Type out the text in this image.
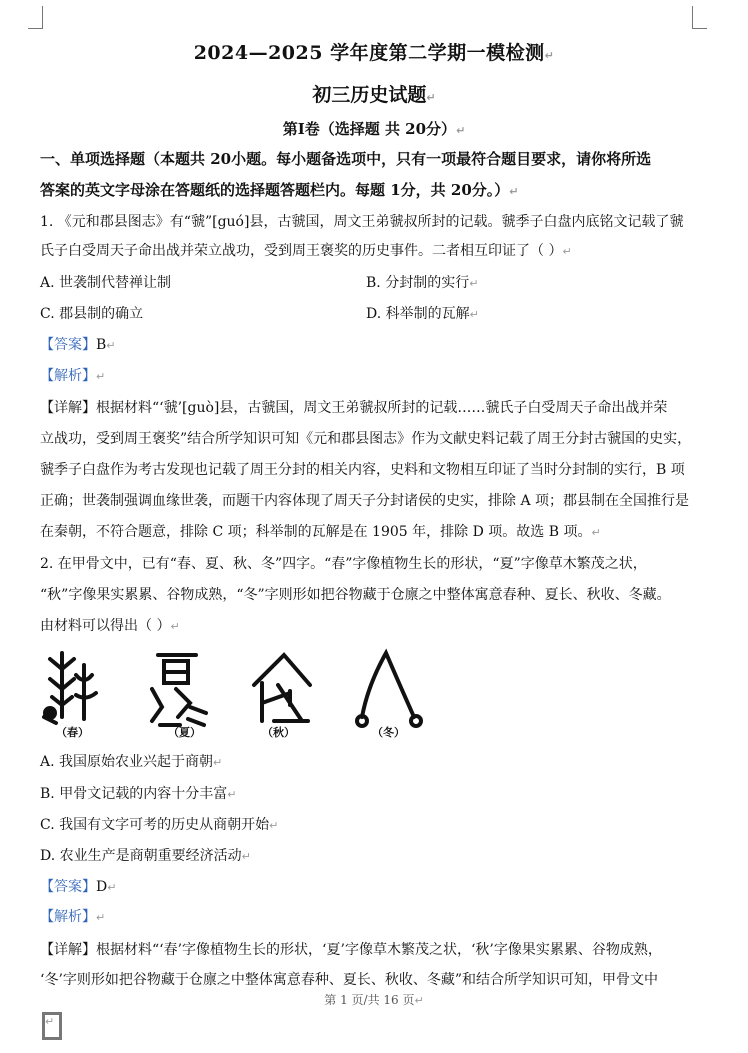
↵
2024—2025 学年度第二学期一模检测↵
初三历史试题↵
第Ⅰ卷（选择题 共 20分）↵
一、单项选择题（本题共 20小题。每小题备选项中，只有一项最符合题目要求，请你将所选
答案的英文字母涂在答题纸的选择题答题栏内。每题 1分，共 20分。）↵
1. 《元和郡县图志》有“虢”[guó]县，古虢国，周文王弟虢叔所封的记载。虢季子白盘内底铭文记载了虢
氏子白受周天子命出战并荣立战功，受到周王褒奖的历史事件。二者相互印证了（ ）↵
A. 世袭制代替禅让制	B. 分封制的实行↵
C. 郡县制的确立	D. 科举制的瓦解↵
【答案】B↵
【解析】↵
【详解】根据材料“‘虢’[guò]县，古虢国，周文王弟虢叔所封的记载……虢氏子白受周天子命出战并荣
立战功，受到周王褒奖”结合所学知识可知《元和郡县图志》作为文献史料记载了周王分封古虢国的史实，
虢季子白盘作为考古发现也记载了周王分封的相关内容，史料和文物相互印证了当时分封制的实行，B 项
正确；世袭制强调血缘世袭，而题干内容体现了周天子分封诸侯的史实，排除 A 项；郡县制在全国推行是
在秦朝，不符合题意，排除 C 项；科举制的瓦解是在 1905 年，排除 D 项。故选 B 项。↵
2. 在甲骨文中，已有“春、夏、秋、冬”四字。“春”字像植物生长的形状，“夏”字像草木繁茂之状，
“秋”字像果实累累、谷物成熟，“冬”字则形如把谷物藏于仓廪之中整体寓意春种、夏长、秋收、冬藏。
由材料可以得出（ ）↵
（春）	（夏）	（秋）	（冬）
A. 我国原始农业兴起于商朝↵
B. 甲骨文记载的内容十分丰富↵
C. 我国有文字可考的历史从商朝开始↵
D. 农业生产是商朝重要经济活动↵
【答案】D↵
【解析】↵
【详解】根据材料“‘春’字像植物生长的形状，‘夏’字像草木繁茂之状，‘秋’字像果实累累、谷物成熟，
‘冬’字则形如把谷物藏于仓廪之中整体寓意春种、夏长、秋收、冬藏”和结合所学知识可知，甲骨文中
第 1 页/共 16 页↵
